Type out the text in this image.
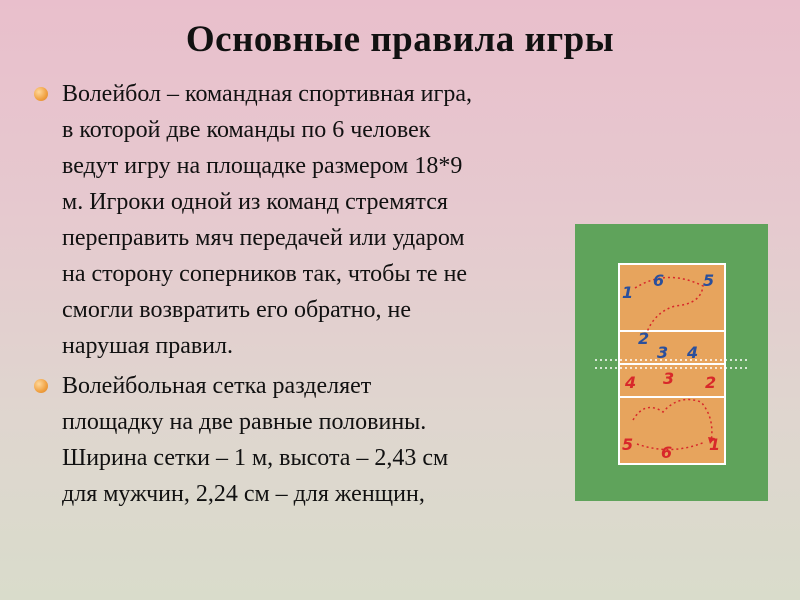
Основные правила игры
Волейбол – командная спортивная игра,
в которой две команды по 6 человек
ведут игру на площадке размером 18*9
м. Игроки одной из команд стремятся
переправить мяч передачей или ударом
на сторону соперников так, чтобы те не
смогли возвратить его обратно, не
нарушая правил.
Волейбольная сетка разделяет
площадку на две равные половины.
Ширина сетки – 1 м, высота – 2,43 см
для мужчин, 2,24 см – для женщин,
1
6 5
2
3 4
4 3 2
5 6 1
